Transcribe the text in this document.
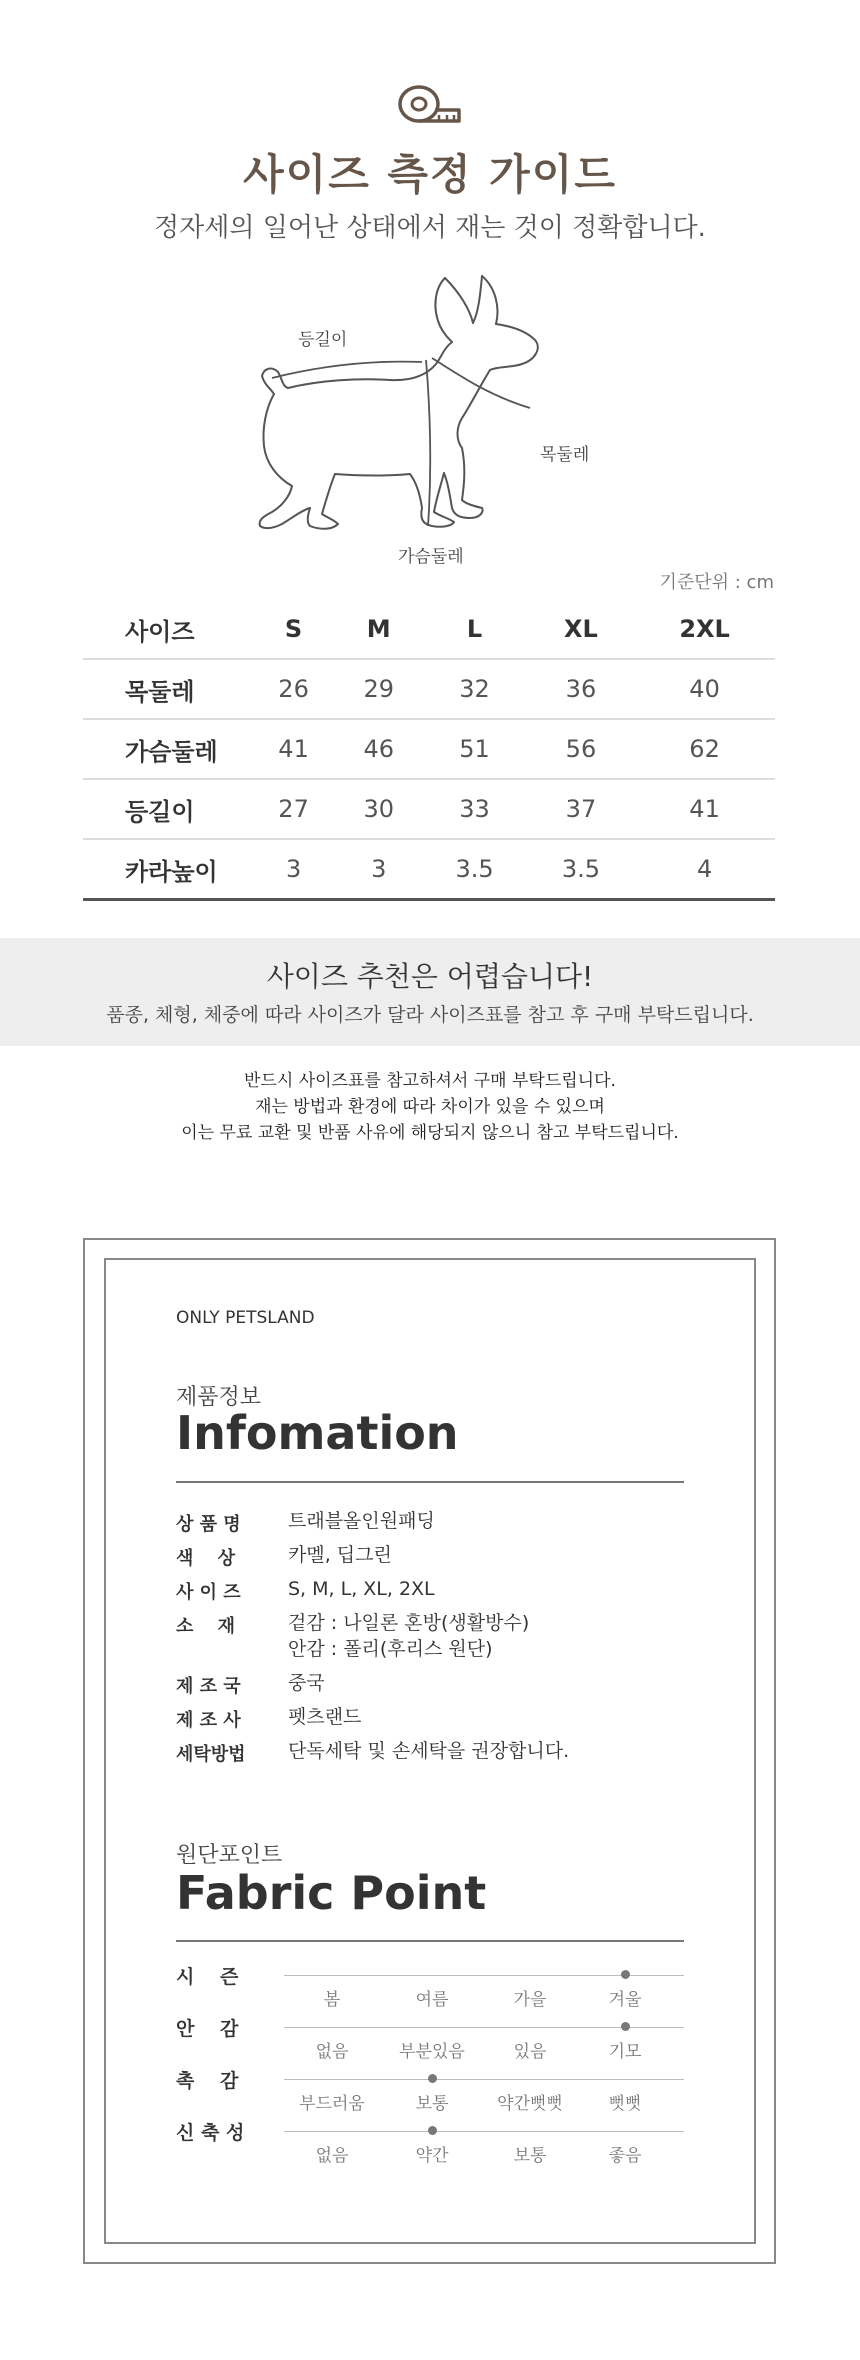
사이즈 측정 가이드
정자세의 일어난 상태에서 재는 것이 정확합니다.
등길이
목둘레
가슴둘레
기준단위 : cm
사이즈	S	M	L	XL	2XL
목둘레	26	29	32	36	40
가슴둘레	41	46	51	56	62
등길이	27	30	33	37	41
카라높이	3	3	3.5	3.5	4
사이즈 추천은 어렵습니다!
품종, 체형, 체중에 따라 사이즈가 달라 사이즈표를 참고 후 구매 부탁드립니다.
반드시 사이즈표를 참고하셔서 구매 부탁드립니다.
재는 방법과 환경에 따라 차이가 있을 수 있으며
이는 무료 교환 및 반품 사유에 해당되지 않으니 참고 부탁드립니다.
ONLY PETSLAND
제품정보
Infomation
상 품 명	트래블올인원패딩
색　 상	카멜, 딥그린
사 이 즈	S, M, L, XL, 2XL
소　 재	겉감 : 나일론 혼방(생활방수)
안감 : 폴리(후리스 원단)
제 조 국	중국
제 조 사	펫츠랜드
세탁방법	단독세탁 및 손세탁을 권장합니다.
원단포인트
Fabric Point
시　 즌
봄	여름	가을	겨울
안　 감
없음	부분있음	있음	기모
촉　 감
부드러움	보통	약간뻣뻣	뻣뻣
신 축 성
없음	약간	보통	좋음
